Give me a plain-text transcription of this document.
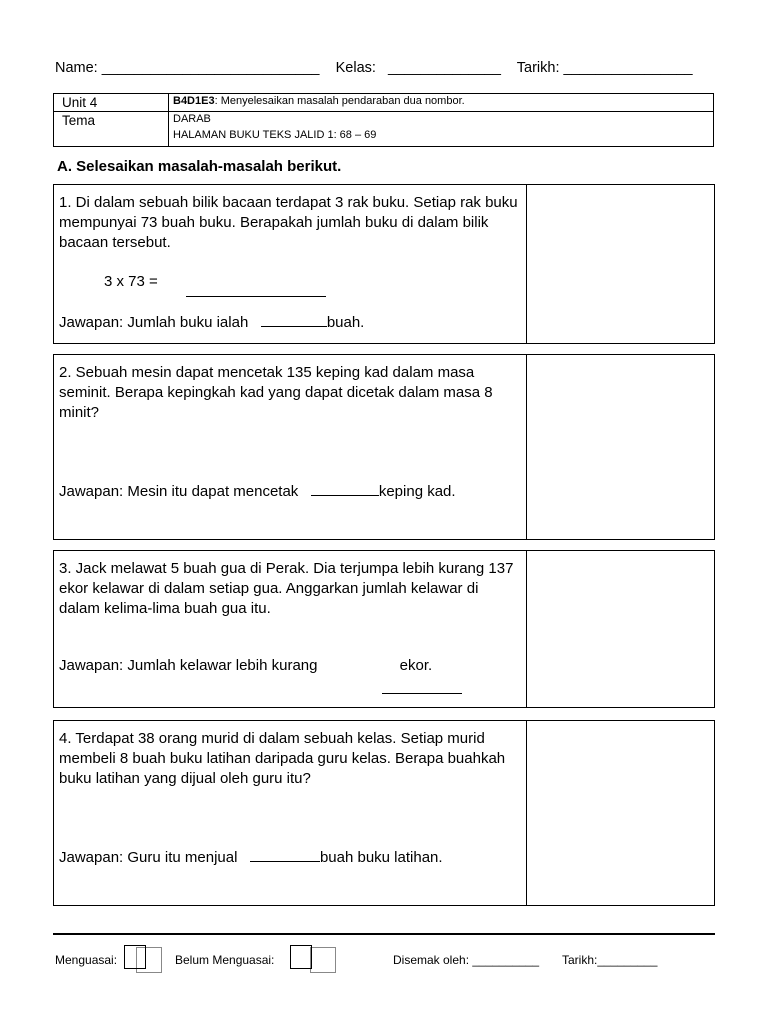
Name: ___________________________ Kelas: ______________ Tarikh: ________________
Unit 4	B4D1E3: Menyelesaikan masalah pendaraban dua nombor.
Tema	DARAB
HALAMAN BUKU TEKS JALID 1: 68 – 69
A. Selesaikan masalah-masalah berikut.
1. Di dalam sebuah bilik bacaan terdapat 3 rak buku. Setiap rak buku mempunyai 73 buah buku. Berapakah jumlah buku di dalam bilik bacaan tersebut.
3 x 73 =
Jawapan: Jumlah buku ialah	buah.
2. Sebuah mesin dapat mencetak 135 keping kad dalam masa seminit. Berapa kepingkah kad yang dapat dicetak dalam masa 8 minit?
Jawapan: Mesin itu dapat mencetak	keping kad.
3. Jack melawat 5 buah gua di Perak. Dia terjumpa lebih kurang 137 ekor kelawar di dalam setiap gua. Anggarkan jumlah kelawar di dalam kelima-lima buah gua itu.
Jawapan: Jumlah kelawar lebih kurang	ekor.
4. Terdapat 38 orang murid di dalam sebuah kelas. Setiap murid membeli 8 buah buku latihan daripada guru kelas. Berapa buahkah buku latihan yang dijual oleh guru itu?
Jawapan: Guru itu menjual	buah buku latihan.
Menguasai:	Belum Menguasai:	Disemak oleh: __________ Tarikh:_________
